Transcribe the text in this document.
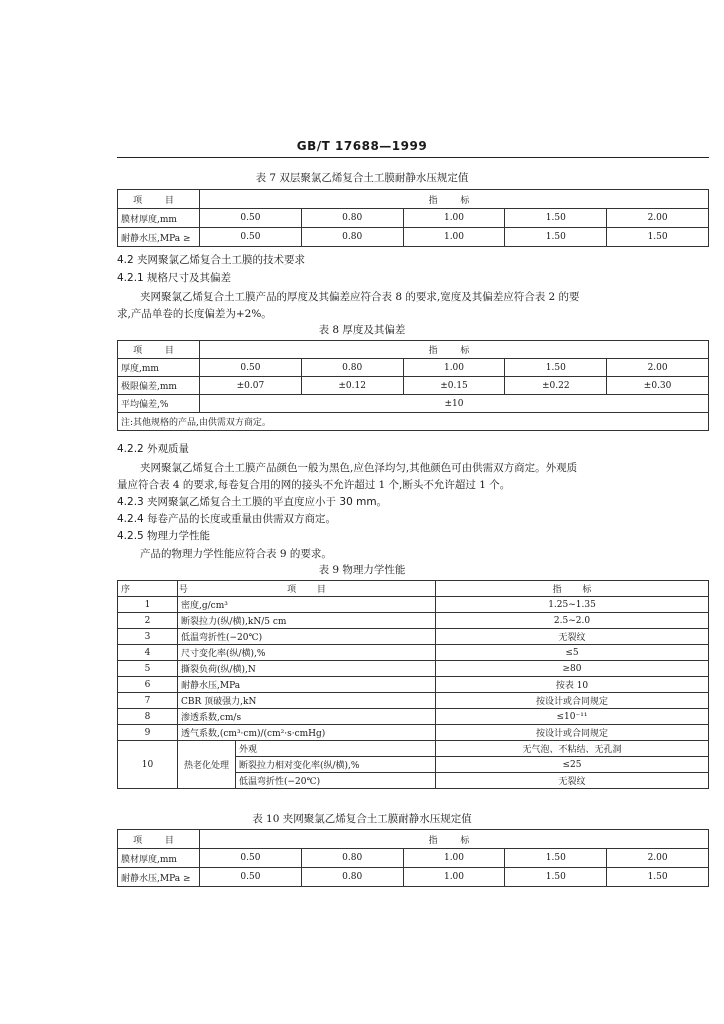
GB/T 17688—1999
表 7 双层聚氯乙烯复合土工膜耐静水压规定值
项 目	指 标				
膜材厚度,mm	0.50	0.80	1.00	1.50	2.00
耐静水压,MPa ≥	0.50	0.80	1.00	1.50	1.50
4.2 夹网聚氯乙烯复合土工膜的技术要求
4.2.1 规格尺寸及其偏差
夹网聚氯乙烯复合土工膜产品的厚度及其偏差应符合表 8 的要求,宽度及其偏差应符合表 2 的要
求,产品单卷的长度偏差为+2%。
表 8 厚度及其偏差
项 目	指 标				
厚度,mm	0.50	0.80	1.00	1.50	2.00
极限偏差,mm	±0.07	±0.12	±0.15	±0.22	±0.30
平均偏差,%	±10				
注:其他规格的产品,由供需双方商定。					
4.2.2 外观质量
夹网聚氯乙烯复合土工膜产品颜色一般为黑色,应色泽均匀,其他颜色可由供需双方商定。外观质
量应符合表 4 的要求,每卷复合用的网的接头不允许超过 1 个,断头不允许超过 1 个。
4.2.3 夹网聚氯乙烯复合土工膜的平直度应小于 30 mm。
4.2.4 每卷产品的长度或重量由供需双方商定。
4.2.5 物理力学性能
产品的物理力学性能应符合表 9 的要求。
表 9 物理力学性能
序 号	项 目		指 标
1	密度,g/cm³		1.25~1.35
2	断裂拉力(纵/横),kN/5 cm		2.5~2.0
3	低温弯折性(−20℃)		无裂纹
4	尺寸变化率(纵/横),%		≤5
5	撕裂负荷(纵/横),N		≥80
6	耐静水压,MPa		按表 10
7	CBR 顶破强力,kN		按设计或合同规定
8	渗透系数,cm/s		≤10⁻¹¹
9	透气系数,(cm³·cm)/(cm²·s·cmHg)		按设计或合同规定
10	热老化处理	外观	无气泡、不粘结、无孔洞
		断裂拉力相对变化率(纵/横),%	≤25
		低温弯折性(−20℃)	无裂纹
表 10 夹网聚氯乙烯复合土工膜耐静水压规定值
项 目	指 标				
膜材厚度,mm	0.50	0.80	1.00	1.50	2.00
耐静水压,MPa ≥	0.50	0.80	1.00	1.50	1.50
